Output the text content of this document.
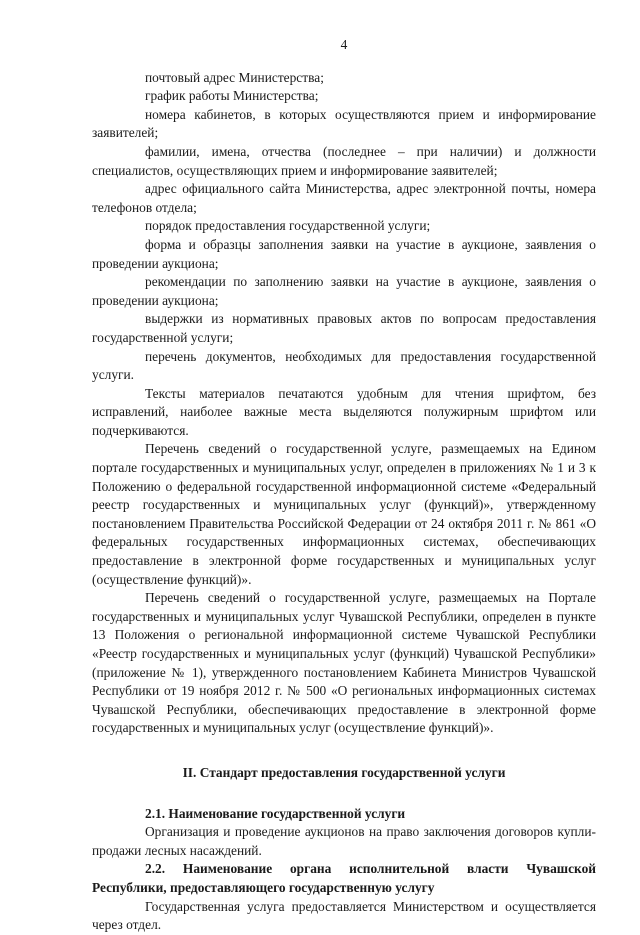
4

почтовый адрес Министерства;

график работы Министерства;

номера кабинетов, в которых осуществляются прием и информирование заявителей;

фамилии, имена, отчества (последнее – при наличии) и должности специалистов, осуществляющих прием и информирование заявителей;

адрес официального сайта Министерства, адрес электронной почты, номера телефонов отдела;

порядок предоставления государственной услуги;

форма и образцы заполнения заявки на участие в аукционе, заявления о проведении аукциона;

рекомендации по заполнению заявки на участие в аукционе, заявления о проведении аукциона;

выдержки из нормативных правовых актов по вопросам предоставления государственной услуги;

перечень документов, необходимых для предоставления государственной услуги.

Тексты материалов печатаются удобным для чтения шрифтом, без исправлений, наиболее важные места выделяются полужирным шрифтом или подчеркиваются.

Перечень сведений о государственной услуге, размещаемых на Едином портале государственных и муниципальных услуг, определен в приложениях № 1 и 3 к Положению о федеральной государственной информационной системе «Федеральный реестр государственных и муниципальных услуг (функций)», утвержденному постановлением Правительства Российской Федерации от 24 октября 2011 г. № 861 «О федеральных государственных информационных системах, обеспечивающих предоставление в электронной форме государственных и муниципальных услуг (осуществление функций)».

Перечень сведений о государственной услуге, размещаемых на Портале государственных и муниципальных услуг Чувашской Республики, определен в пункте 13 Положения о региональной информационной системе Чувашской Республики «Реестр государственных и муниципальных услуг (функций) Чувашской Республики» (приложение № 1), утвержденного постановлением Кабинета Министров Чувашской Республики от 19 ноября 2012 г. № 500 «О региональных информационных системах Чувашской Республики, обеспечивающих предоставление в электронной форме государственных и муниципальных услуг (осуществление функций)».

II. Стандарт предоставления государственной услуги

2.1. Наименование государственной услуги

Организация и проведение аукционов на право заключения договоров купли-продажи лесных насаждений.

2.2. Наименование органа исполнительной власти Чувашской Республики, предоставляющего государственную услугу

Государственная услуга предоставляется Министерством и осуществляется через отдел.
